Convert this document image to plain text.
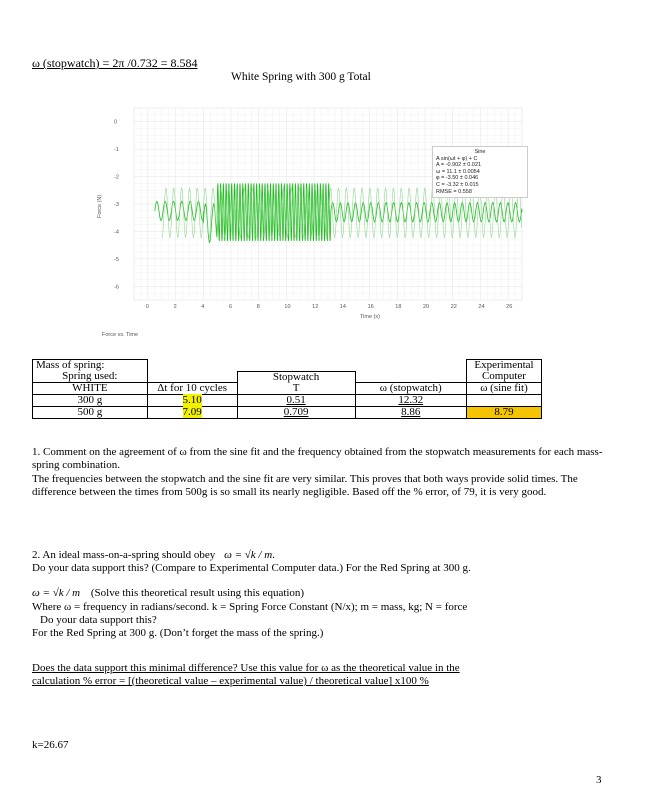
ω (stopwatch) = 2π /0.732 = 8.584
White Spring with 300 g Total
0
-1
-2
-3
-4
-5
-6
0	2	4	6	8	10	12	14	16	18	20	22	24	26
Force (N)
Time (s)
Force vs. Time
Sine
A sin(ωt + φ) + C
A = -0.902 ± 0.021
ω = 11.1 ± 0.0054
φ = -3.50 ± 0.046
C = -3.32 ± 0.015
RMSE = 0.558
Mass of spring:				Experimental
Spring used:		Stopwatch		Computer
WHITE	Δt for 10 cycles	T	ω (stopwatch)	ω (sine fit)
300 g	5.10	0.51	12.32	
500 g	7.09	0.709	8.86	8.79
1. Comment on the agreement of ω from the sine fit and the frequency obtained from the stopwatch measurements for each mass-spring combination.
The frequencies between the stopwatch and the sine fit are very similar. This proves that both ways provide solid times. The difference between the times from 500g is so small its nearly negligible. Based off the % error, of 79, it is very good.
2. An ideal mass-on-a-spring should obey ω = √k / m.
Do your data support this? (Compare to Experimental Computer data.) For the Red Spring at 300 g.
ω = √k / m (Solve this theoretical result using this equation)
Where ω = frequency in radians/second. k = Spring Force Constant (N/x); m = mass, kg; N = force
Do your data support this?
For the Red Spring at 300 g. (Don’t forget the mass of the spring.)
Does the data support this minimal difference? Use this value for ω as the theoretical value in the
calculation % error = [(theoretical value – experimental value) / theoretical value] x100 %
k=26.67
3
